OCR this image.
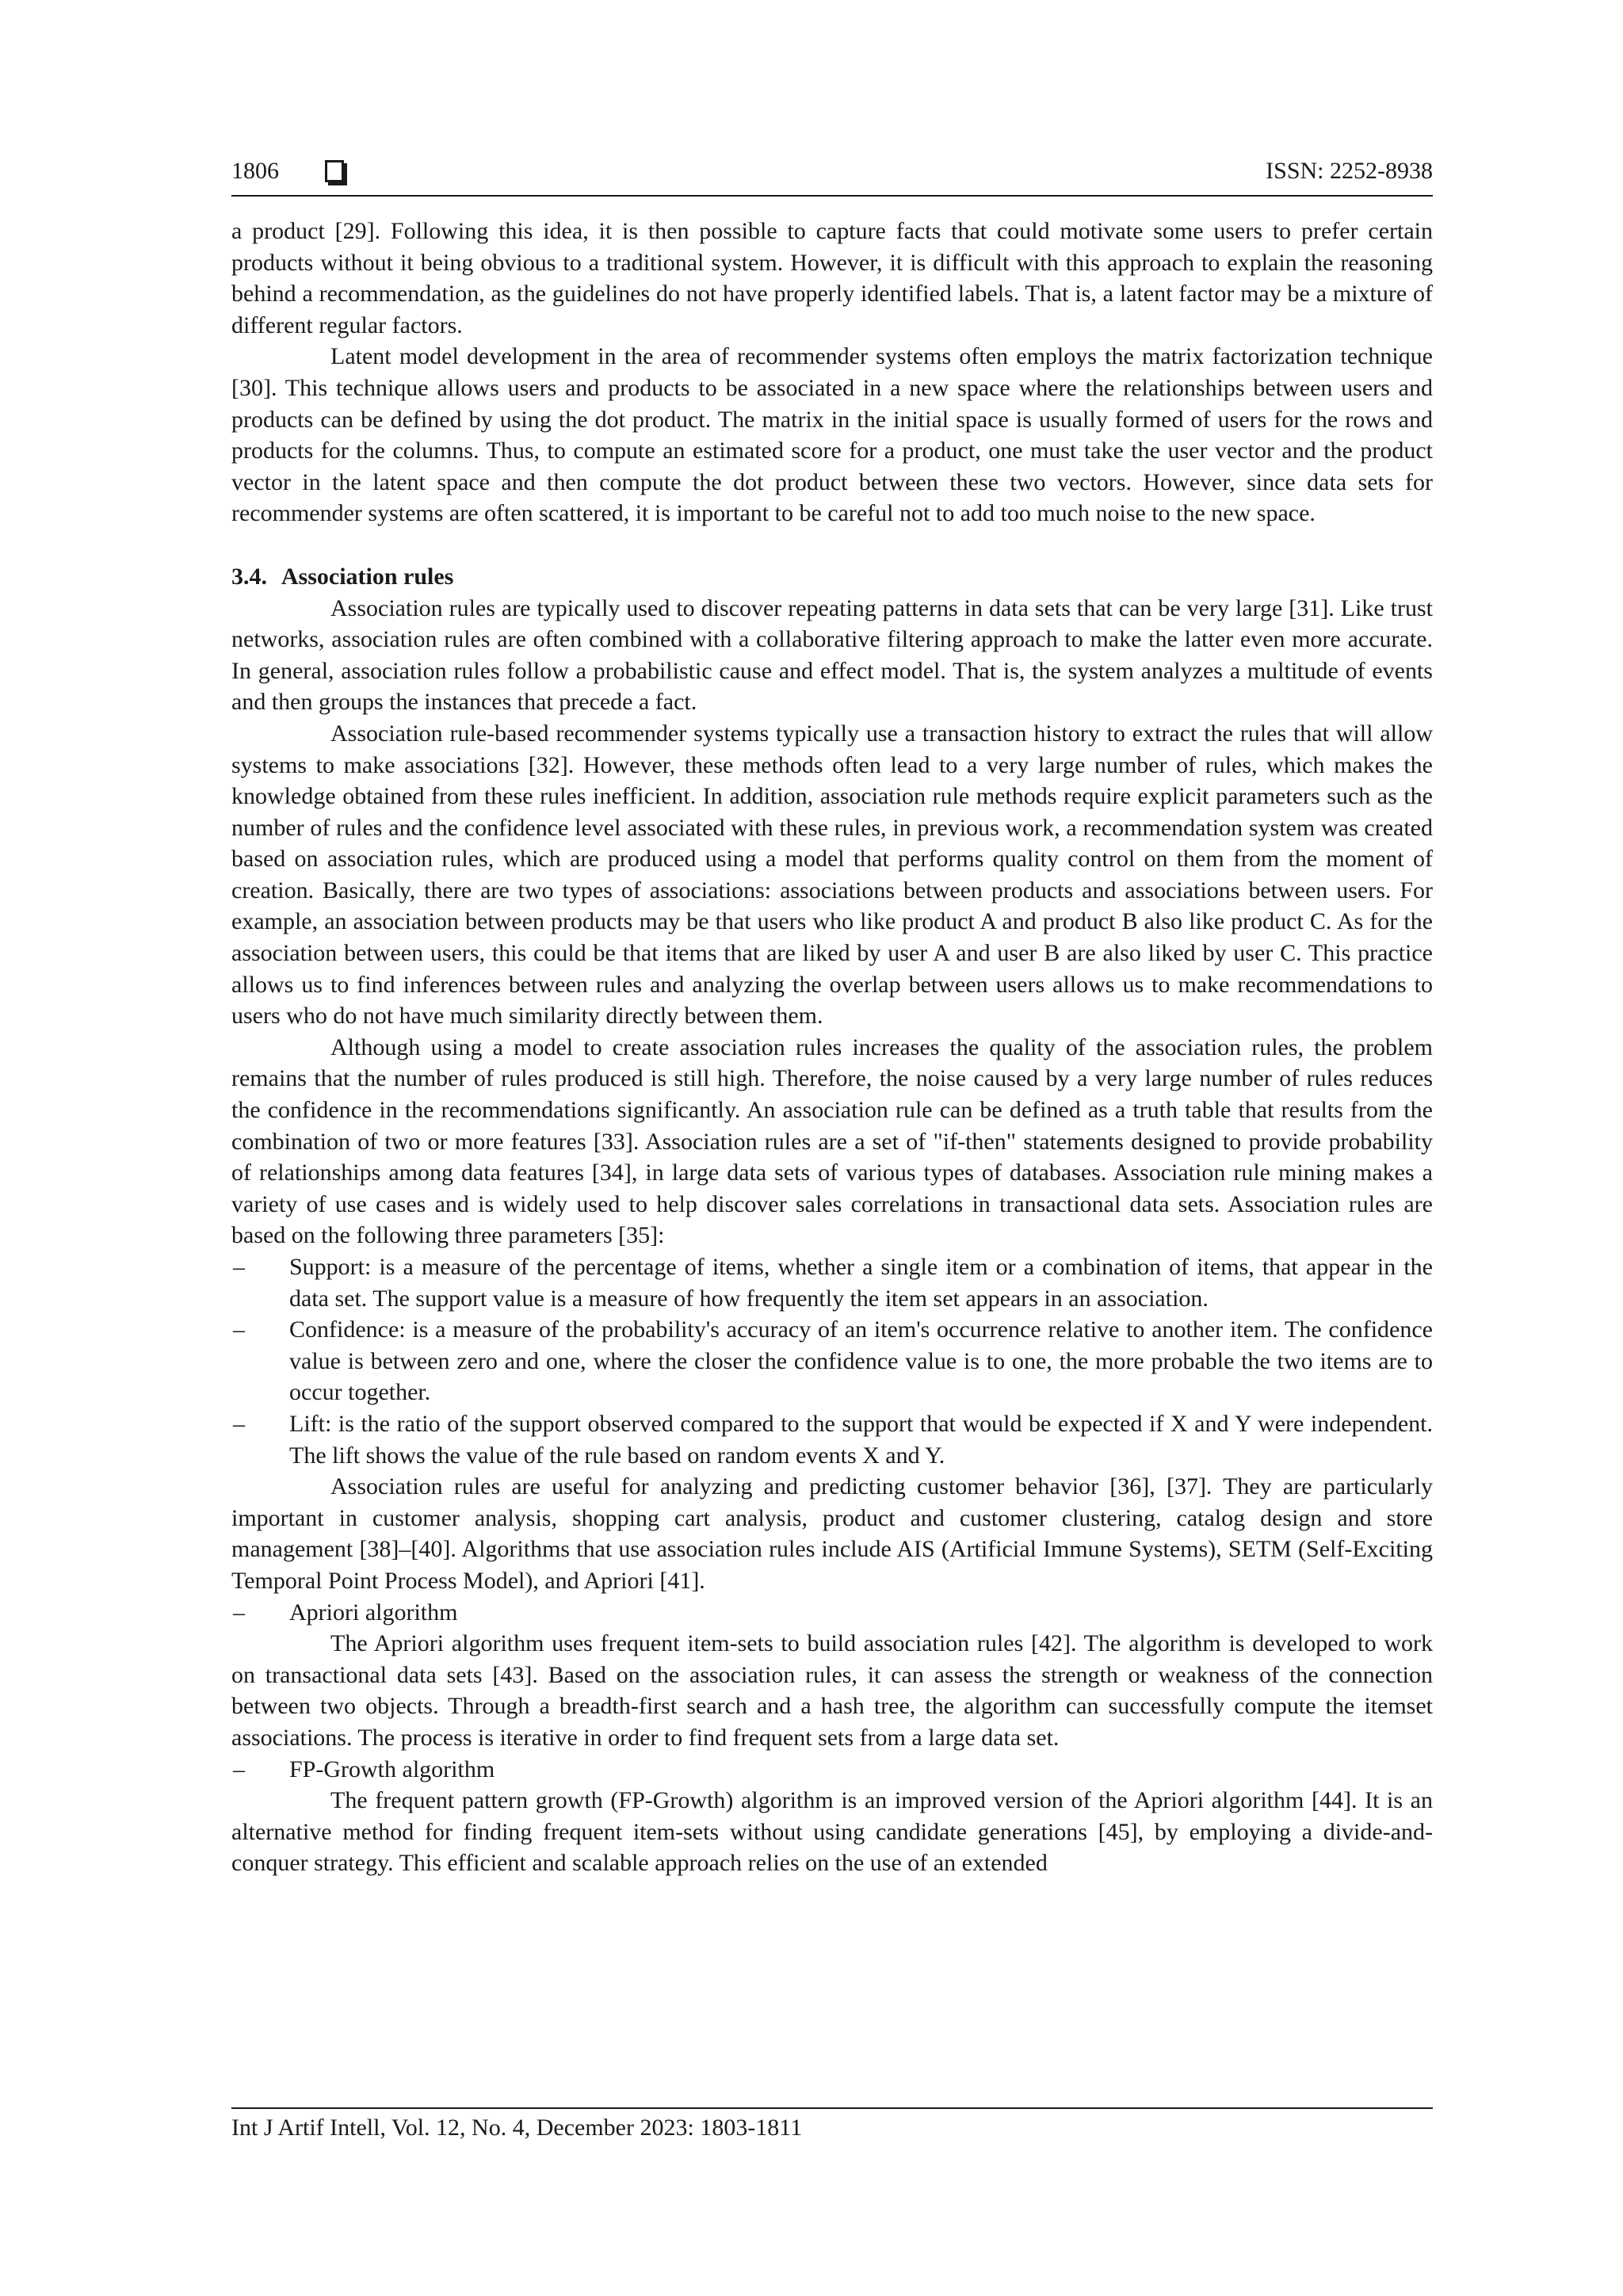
1806	ISSN: 2252-8938

a product [29]. Following this idea, it is then possible to capture facts that could motivate some users to prefer certain products without it being obvious to a traditional system. However, it is difficult with this approach to explain the reasoning behind a recommendation, as the guidelines do not have properly identified labels. That is, a latent factor may be a mixture of different regular factors.

Latent model development in the area of recommender systems often employs the matrix factorization technique [30]. This technique allows users and products to be associated in a new space where the relationships between users and products can be defined by using the dot product. The matrix in the initial space is usually formed of users for the rows and products for the columns. Thus, to compute an estimated score for a product, one must take the user vector and the product vector in the latent space and then compute the dot product between these two vectors. However, since data sets for recommender systems are often scattered, it is important to be careful not to add too much noise to the new space.

3.4. Association rules

Association rules are typically used to discover repeating patterns in data sets that can be very large [31]. Like trust networks, association rules are often combined with a collaborative filtering approach to make the latter even more accurate. In general, association rules follow a probabilistic cause and effect model. That is, the system analyzes a multitude of events and then groups the instances that precede a fact.

Association rule-based recommender systems typically use a transaction history to extract the rules that will allow systems to make associations [32]. However, these methods often lead to a very large number of rules, which makes the knowledge obtained from these rules inefficient. In addition, association rule methods require explicit parameters such as the number of rules and the confidence level associated with these rules, in previous work, a recommendation system was created based on association rules, which are produced using a model that performs quality control on them from the moment of creation. Basically, there are two types of associations: associations between products and associations between users. For example, an association between products may be that users who like product A and product B also like product C. As for the association between users, this could be that items that are liked by user A and user B are also liked by user C. This practice allows us to find inferences between rules and analyzing the overlap between users allows us to make recommendations to users who do not have much similarity directly between them.

Although using a model to create association rules increases the quality of the association rules, the problem remains that the number of rules produced is still high. Therefore, the noise caused by a very large number of rules reduces the confidence in the recommendations significantly. An association rule can be defined as a truth table that results from the combination of two or more features [33]. Association rules are a set of "if-then" statements designed to provide probability of relationships among data features [34], in large data sets of various types of databases. Association rule mining makes a variety of use cases and is widely used to help discover sales correlations in transactional data sets. Association rules are based on the following three parameters [35]:

– Support: is a measure of the percentage of items, whether a single item or a combination of items, that appear in the data set. The support value is a measure of how frequently the item set appears in an association.
– Confidence: is a measure of the probability's accuracy of an item's occurrence relative to another item. The confidence value is between zero and one, where the closer the confidence value is to one, the more probable the two items are to occur together.
– Lift: is the ratio of the support observed compared to the support that would be expected if X and Y were independent. The lift shows the value of the rule based on random events X and Y.

Association rules are useful for analyzing and predicting customer behavior [36], [37]. They are particularly important in customer analysis, shopping cart analysis, product and customer clustering, catalog design and store management [38]–[40]. Algorithms that use association rules include AIS (Artificial Immune Systems), SETM (Self-Exciting Temporal Point Process Model), and Apriori [41].

– Apriori algorithm

The Apriori algorithm uses frequent item-sets to build association rules [42]. The algorithm is developed to work on transactional data sets [43]. Based on the association rules, it can assess the strength or weakness of the connection between two objects. Through a breadth-first search and a hash tree, the algorithm can successfully compute the itemset associations. The process is iterative in order to find frequent sets from a large data set.

– FP-Growth algorithm

The frequent pattern growth (FP-Growth) algorithm is an improved version of the Apriori algorithm [44]. It is an alternative method for finding frequent item-sets without using candidate generations [45], by employing a divide-and-conquer strategy. This efficient and scalable approach relies on the use of an extended

Int J Artif Intell, Vol. 12, No. 4, December 2023: 1803-1811
